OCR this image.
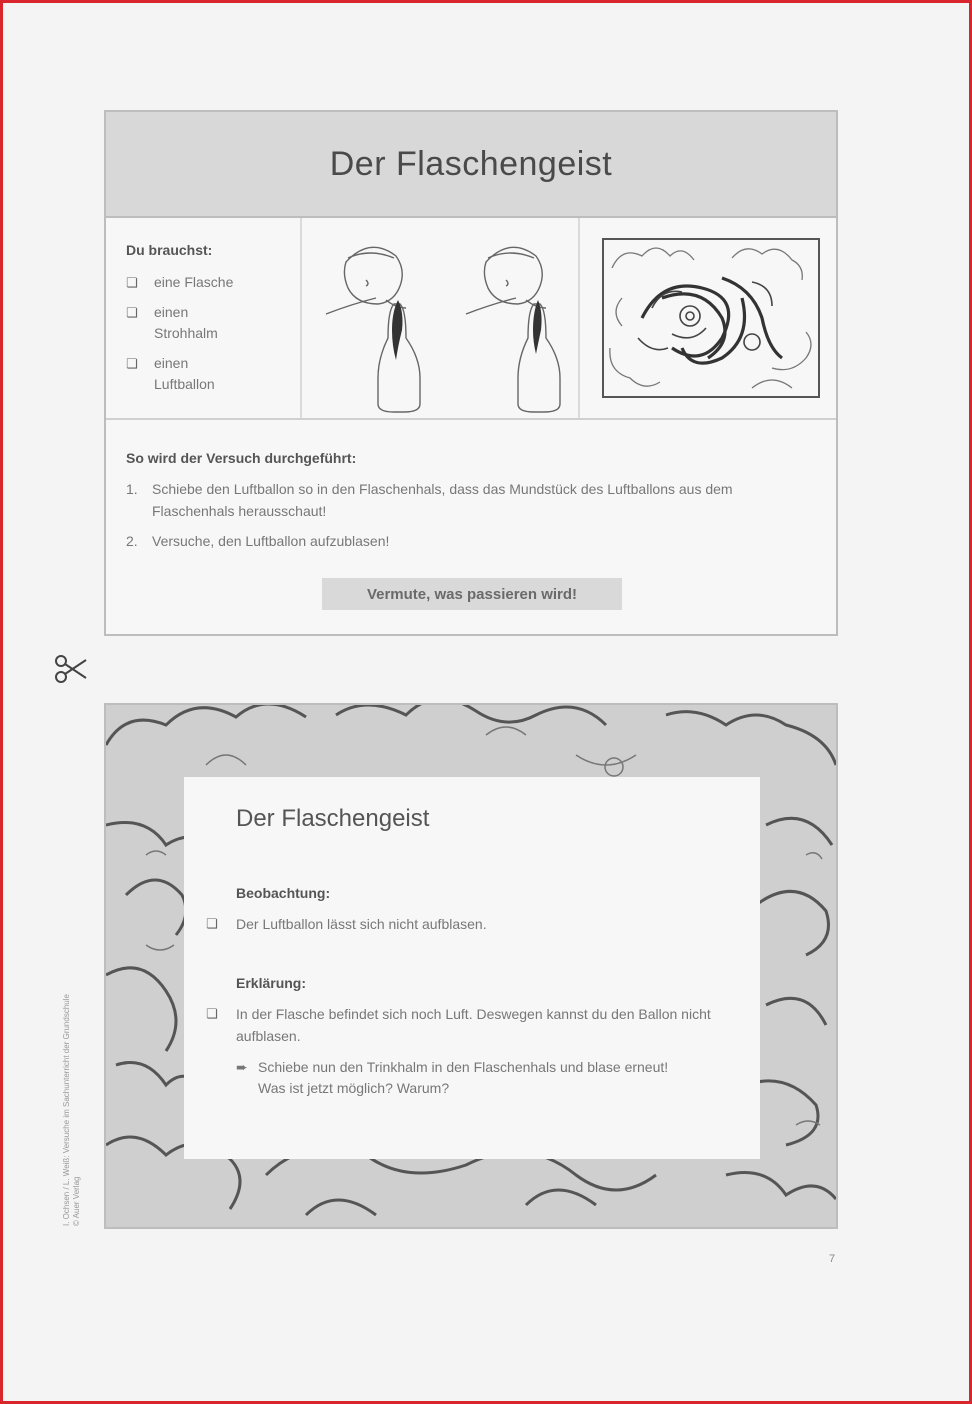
Der Flaschengeist
Du brauchst:
❏	eine Flasche
❏	einen Strohhalm
❏	einen Luftballon
So wird der Versuch durchgeführt:
1.	Schiebe den Luftballon so in den Flaschenhals, dass das Mundstück des Luftballons aus dem Flaschenhals herausschaut!
2.	Versuche, den Luftballon aufzublasen!
Vermute, was passieren wird!
Der Flaschengeist
Beobachtung:
❏ Der Luftballon lässt sich nicht aufblasen.
Erklärung:
❏ In der Flasche befindet sich noch Luft. Deswegen kannst du den Ballon nicht aufblasen.
➨ Schiebe nun den Trinkhalm in den Flaschenhals und blase erneut!
Was ist jetzt möglich? Warum?
I. Ochsen / L. Weiß: Versuche im Sachunterricht der Grundschule © Auer Verlag
7
